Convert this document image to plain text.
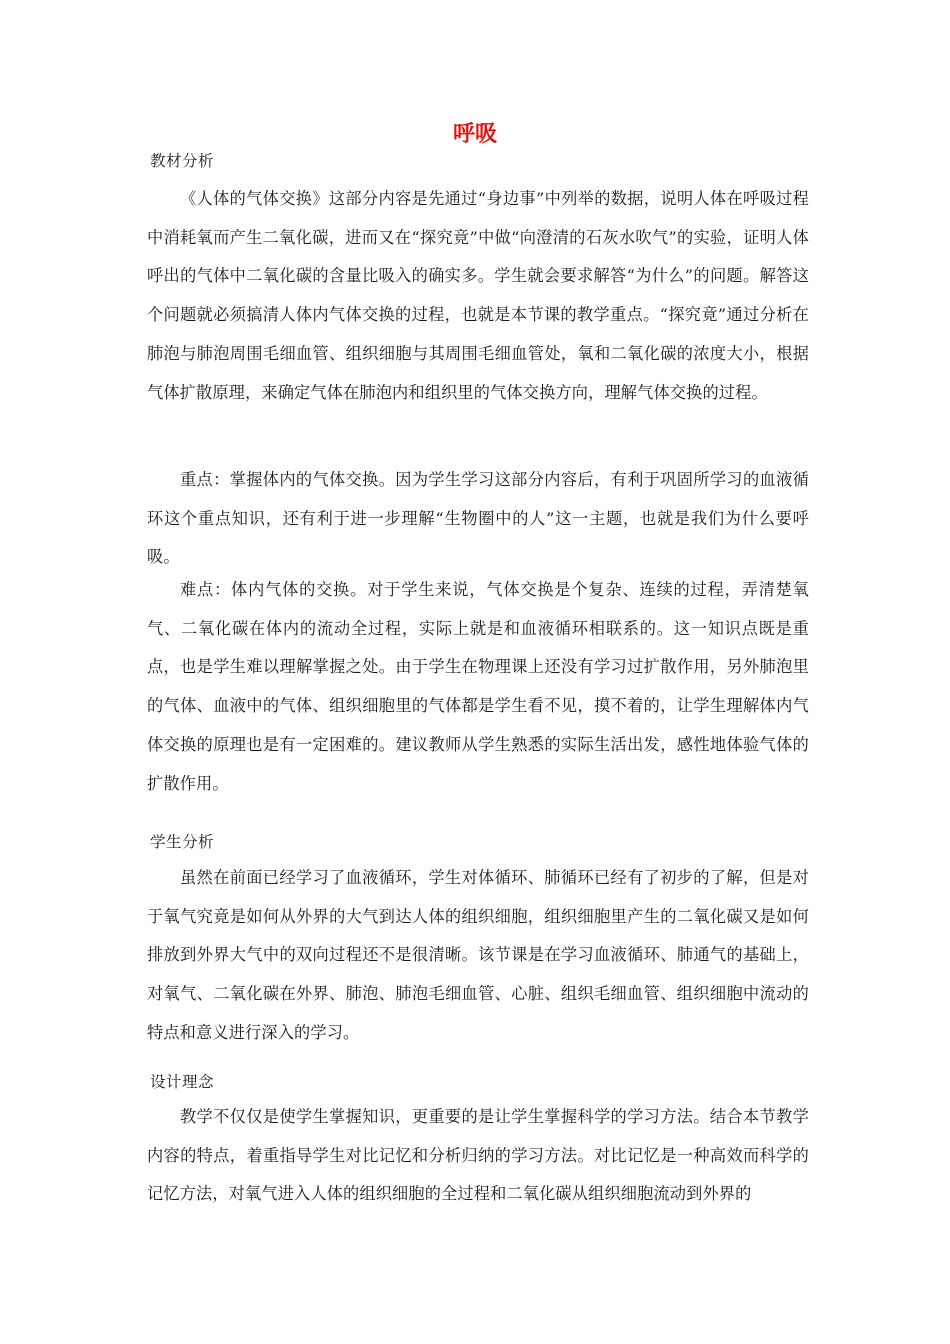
呼吸
教材分析
《人体的气体交换》这部分内容是先通过“身边事”中列举的数据，说明人体在呼吸过程中消耗氧而产生二氧化碳，进而又在“探究竟”中做“向澄清的石灰水吹气”的实验，证明人体呼出的气体中二氧化碳的含量比吸入的确实多。学生就会要求解答“为什么”的问题。解答这个问题就必须搞清人体内气体交换的过程，也就是本节课的教学重点。“探究竟”通过分析在肺泡与肺泡周围毛细血管、组织细胞与其周围毛细血管处，氧和二氧化碳的浓度大小，根据气体扩散原理，来确定气体在肺泡内和组织里的气体交换方向，理解气体交换的过程。
重点：掌握体内的气体交换。因为学生学习这部分内容后，有利于巩固所学习的血液循环这个重点知识，还有利于进一步理解“生物圈中的人”这一主题，也就是我们为什么要呼吸。
难点：体内气体的交换。对于学生来说，气体交换是个复杂、连续的过程，弄清楚氧气、二氧化碳在体内的流动全过程，实际上就是和血液循环相联系的。这一知识点既是重点，也是学生难以理解掌握之处。由于学生在物理课上还没有学习过扩散作用，另外肺泡里的气体、血液中的气体、组织细胞里的气体都是学生看不见，摸不着的，让学生理解体内气体交换的原理也是有一定困难的。建议教师从学生熟悉的实际生活出发，感性地体验气体的扩散作用。
学生分析
虽然在前面已经学习了血液循环，学生对体循环、肺循环已经有了初步的了解，但是对于氧气究竟是如何从外界的大气到达人体的组织细胞，组织细胞里产生的二氧化碳又是如何排放到外界大气中的双向过程还不是很清晰。该节课是在学习血液循环、肺通气的基础上，对氧气、二氧化碳在外界、肺泡、肺泡毛细血管、心脏、组织毛细血管、组织细胞中流动的特点和意义进行深入的学习。
设计理念
教学不仅仅是使学生掌握知识，更重要的是让学生掌握科学的学习方法。结合本节教学内容的特点，着重指导学生对比记忆和分析归纳的学习方法。对比记忆是一种高效而科学的记忆方法，对氧气进入人体的组织细胞的全过程和二氧化碳从组织细胞流动到外界的
